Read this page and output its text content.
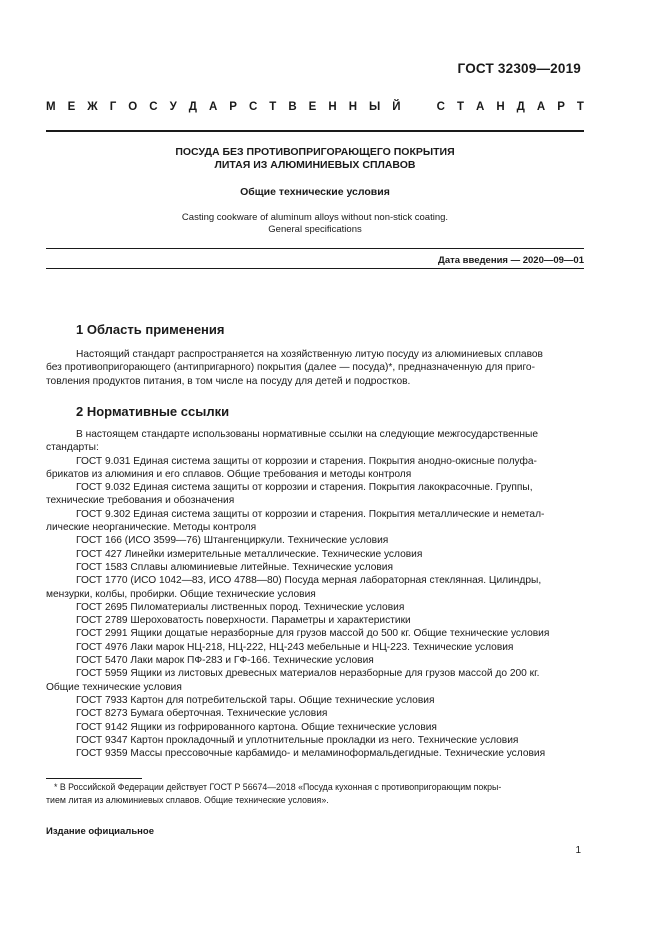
ГОСТ 32309—2019
М Е Ж Г О С У Д А Р С Т В Е Н Н Ы Й	С Т А Н Д А Р Т
ПОСУДА БЕЗ ПРОТИВОПРИГОРАЮЩЕГО ПОКРЫТИЯ
ЛИТАЯ ИЗ АЛЮМИНИЕВЫХ СПЛАВОВ
Общие технические условия
Casting cookware of aluminum alloys without non-stick coating.
General specifications
Дата введения — 2020—09—01
1 Область применения
Настоящий стандарт распространяется на хозяйственную литую посуду из алюминиевых сплавов
без противопригорающего (антипригарного) покрытия (далее — посуда)*, предназначенную для приго-
товления продуктов питания, в том числе на посуду для детей и подростков.
2 Нормативные ссылки
В настоящем стандарте использованы нормативные ссылки на следующие межгосударственные
стандарты:
ГОСТ 9.031 Единая система защиты от коррозии и старения. Покрытия анодно-окисные полуфа-
брикатов из алюминия и его сплавов. Общие требования и методы контроля
ГОСТ 9.032 Единая система защиты от коррозии и старения. Покрытия лакокрасочные. Группы,
технические требования и обозначения
ГОСТ 9.302 Единая система защиты от коррозии и старения. Покрытия металлические и неметал-
лические неорганические. Методы контроля
ГОСТ 166 (ИСО 3599—76) Штангенциркули. Технические условия
ГОСТ 427 Линейки измерительные металлические. Технические условия
ГОСТ 1583 Сплавы алюминиевые литейные. Технические условия
ГОСТ 1770 (ИСО 1042—83, ИСО 4788—80) Посуда мерная лабораторная стеклянная. Цилиндры,
мензурки, колбы, пробирки. Общие технические условия
ГОСТ 2695 Пиломатериалы лиственных пород. Технические условия
ГОСТ 2789 Шероховатость поверхности. Параметры и характеристики
ГОСТ 2991 Ящики дощатые неразборные для грузов массой до 500 кг. Общие технические условия
ГОСТ 4976 Лаки марок НЦ-218, НЦ-222, НЦ-243 мебельные и НЦ-223. Технические условия
ГОСТ 5470 Лаки марок ПФ-283 и ГФ-166. Технические условия
ГОСТ 5959 Ящики из листовых древесных материалов неразборные для грузов массой до 200 кг.
Общие технические условия
ГОСТ 7933 Картон для потребительской тары. Общие технические условия
ГОСТ 8273 Бумага оберточная. Технические условия
ГОСТ 9142 Ящики из гофрированного картона. Общие технические условия
ГОСТ 9347 Картон прокладочный и уплотнительные прокладки из него. Технические условия
ГОСТ 9359 Массы прессовочные карбамидо- и меламиноформальдегидные. Технические условия
* В Российской Федерации действует ГОСТ Р 56674—2018 «Посуда кухонная с противопригорающим покры-
тием литая из алюминиевых сплавов. Общие технические условия».
Издание официальное
1
